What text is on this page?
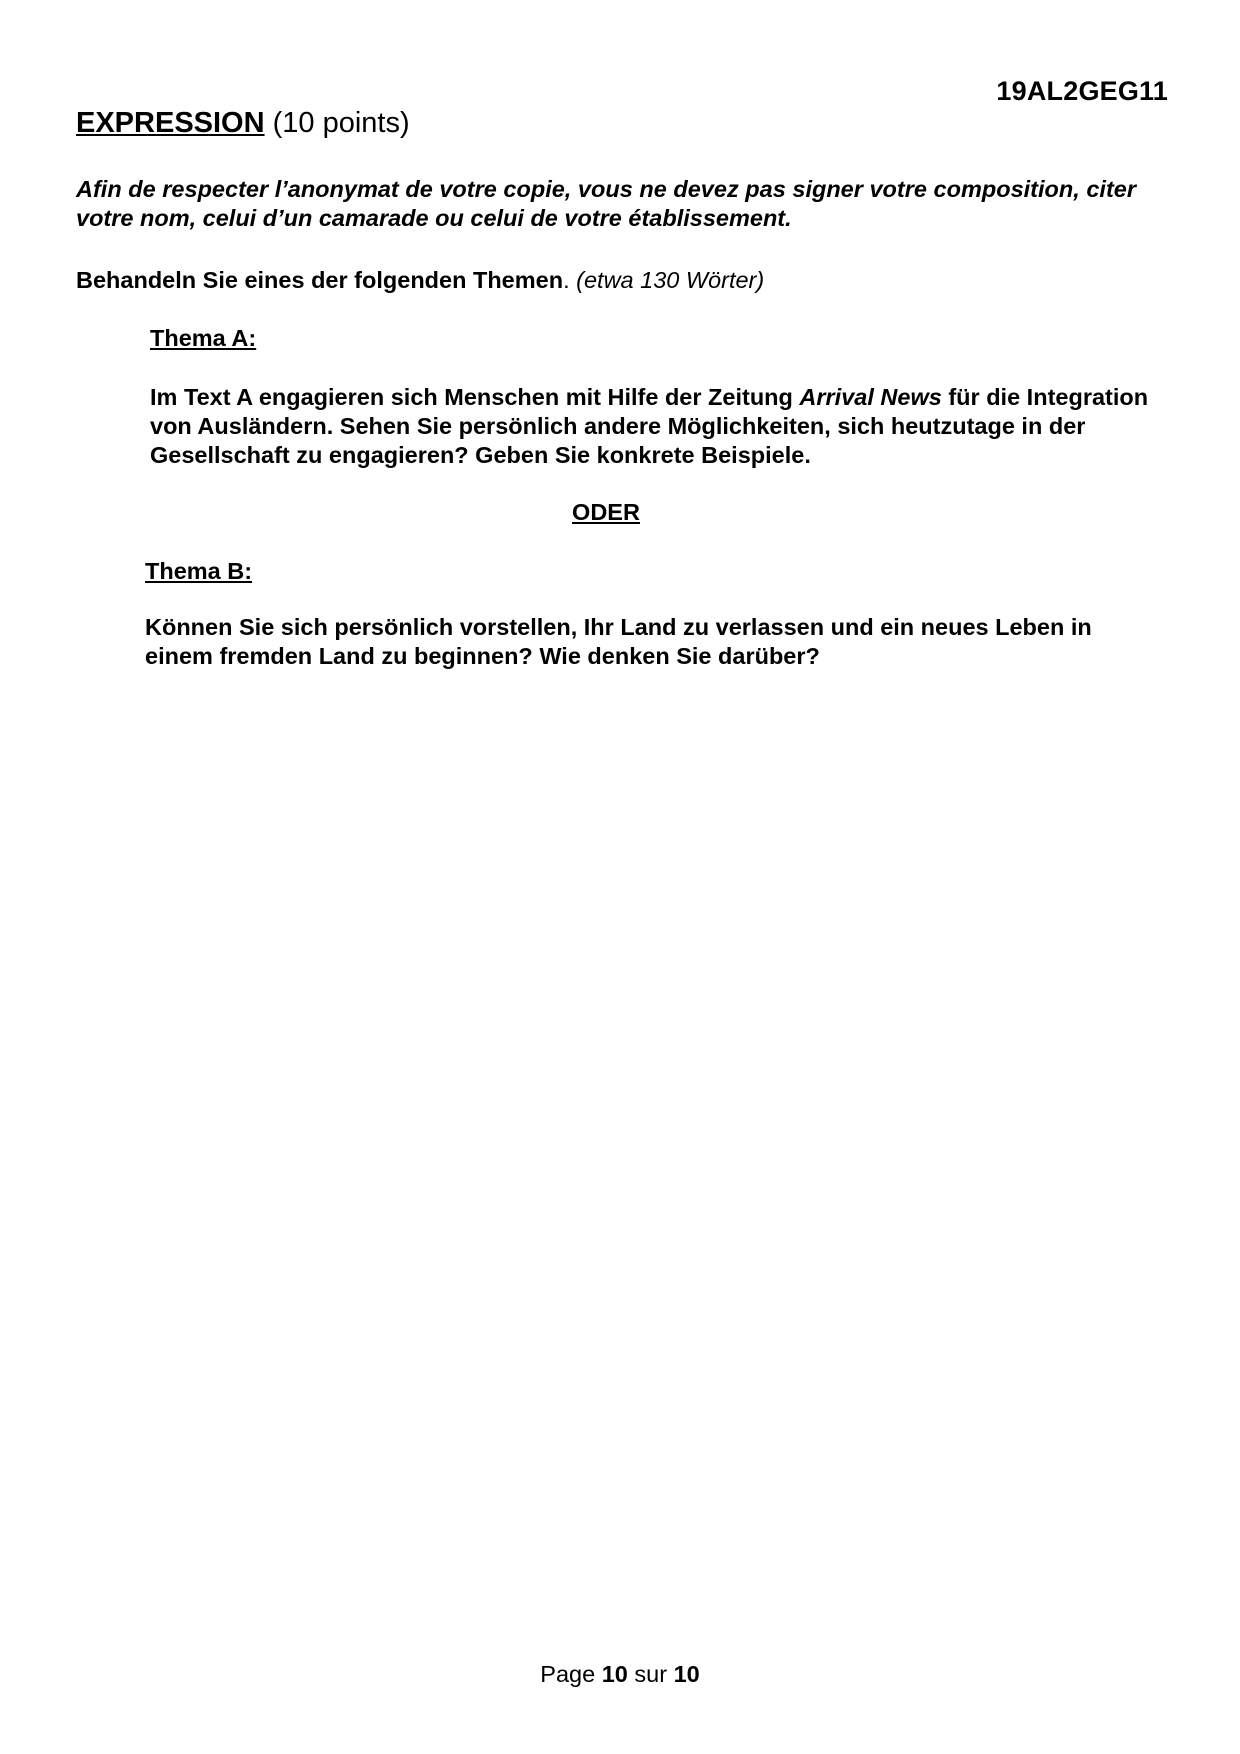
19AL2GEG11
EXPRESSION (10 points)

Afin de respecter l’anonymat de votre copie, vous ne devez pas signer votre composition, citer votre nom, celui d’un camarade ou celui de votre établissement.

Behandeln Sie eines der folgenden Themen. (etwa 130 Wörter)

Thema A:

Im Text A engagieren sich Menschen mit Hilfe der Zeitung Arrival News für die Integration von Ausländern. Sehen Sie persönlich andere Möglichkeiten, sich heutzutage in der Gesellschaft zu engagieren? Geben Sie konkrete Beispiele.

ODER
Thema B:

Können Sie sich persönlich vorstellen, Ihr Land zu verlassen und ein neues Leben in einem fremden Land zu beginnen? Wie denken Sie darüber?

Page 10 sur 10
